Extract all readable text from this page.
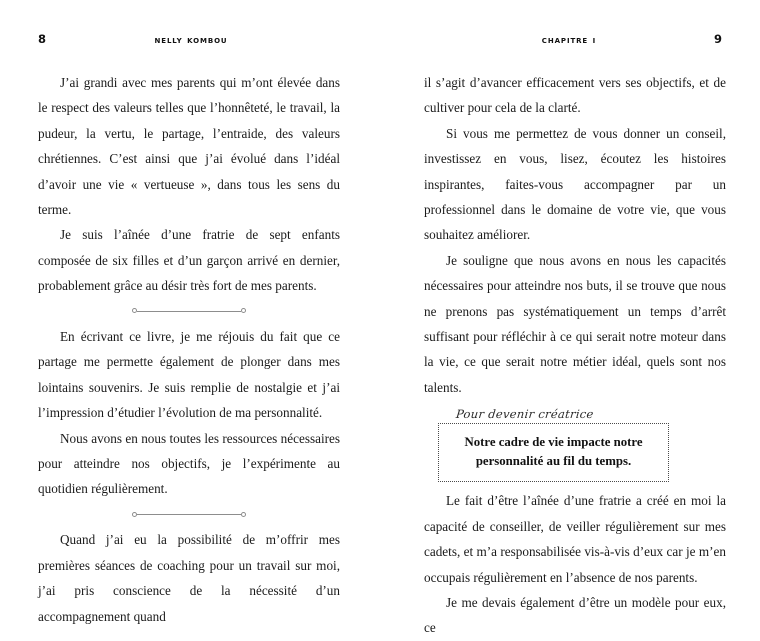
8	nelly kombou

J’ai grandi avec mes parents qui m’ont élevée dans le respect des valeurs telles que l’honnêteté, le travail, la pudeur, la vertu, le partage, l’entraide, des valeurs chrétiennes. C’est ainsi que j’ai évolué dans l’idéal d’avoir une vie « vertueuse », dans tous les sens du terme.

Je suis l’aînée d’une fratrie de sept enfants composée de six filles et d’un garçon arrivé en dernier, probablement grâce au désir très fort de mes parents.

En écrivant ce livre, je me réjouis du fait que ce partage me permette également de plonger dans mes lointains souvenirs. Je suis remplie de nostalgie et j’ai l’impression d’étudier l’évolution de ma personnalité.

Nous avons en nous toutes les ressources nécessaires pour atteindre nos objectifs, je l’expérimente au quotidien régulièrement.

Quand j’ai eu la possibilité de m’offrir mes premières séances de coaching pour un travail sur moi, j’ai pris conscience de la nécessité d’un accompagnement quand

chapitre i	9

il s’agit d’avancer efficacement vers ses objectifs, et de cultiver pour cela de la clarté.

Si vous me permettez de vous donner un conseil, investissez en vous, lisez, écoutez les histoires inspirantes, faites-vous accompagner par un professionnel dans le domaine de votre vie, que vous souhaitez améliorer.

Je souligne que nous avons en nous les capacités nécessaires pour atteindre nos buts, il se trouve que nous ne prenons pas systématiquement un temps d’arrêt suffisant pour réfléchir à ce qui serait notre moteur dans la vie, ce que serait notre métier idéal, quels sont nos talents.

Pour devenir créatrice

Notre cadre de vie impacte notre personnalité au fil du temps.

Le fait d’être l’aînée d’une fratrie a créé en moi la capacité de conseiller, de veiller régulièrement sur mes cadets, et m’a responsabilisée vis-à-vis d’eux car je m’en occupais régulièrement en l’absence de nos parents.

Je me devais également d’être un modèle pour eux, ce
